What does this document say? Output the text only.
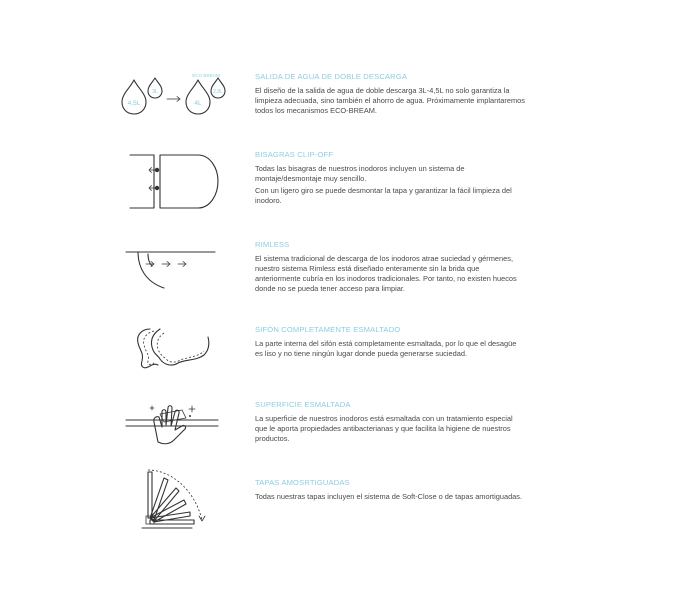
4,5L
3L
ECO BREAM
4L
2,8L
SALIDA DE AGUA DE DOBLE DESCARGA
El diseño de la salida de agua de doble descarga 3L-4,5L no solo garantiza la limpieza adecuada, sino también el ahorro de agua. Próximamente implantaremos todos los mecanismos ECO-BREAM.
BISAGRAS CLIP-OFF
Todas las bisagras de nuestros inodoros incluyen un sistema de montaje/desmontaje muy sencillo.
Con un ligero giro se puede desmontar la tapa y garantizar la fácil limpieza del inodoro.
RIMLESS
El sistema tradicional de descarga de los inodoros atrae suciedad y gérmenes, nuestro sistema Rimless está diseñado enteramente sin la brida que anteriormente cubría en los inodoros tradicionales. Por tanto, no existen huecos donde no se pueda tener acceso para limpiar.
SIFÓN COMPLETAMENTE ESMALTADO
La parte interna del sifón está completamente esmaltada, por lo que el desagüe es liso y no tiene ningún lugar donde pueda generarse suciedad.
SUPERFICIE ESMALTADA
La superficie de nuestros inodoros está esmaltada con un tratamiento especial que le aporta propiedades antibacterianas y que facilita la higiene de nuestros productos.
TAPAS AMOSRTIGUADAS
Todas nuestras tapas incluyen el sistema de Soft-Close o de tapas amortiguadas.
